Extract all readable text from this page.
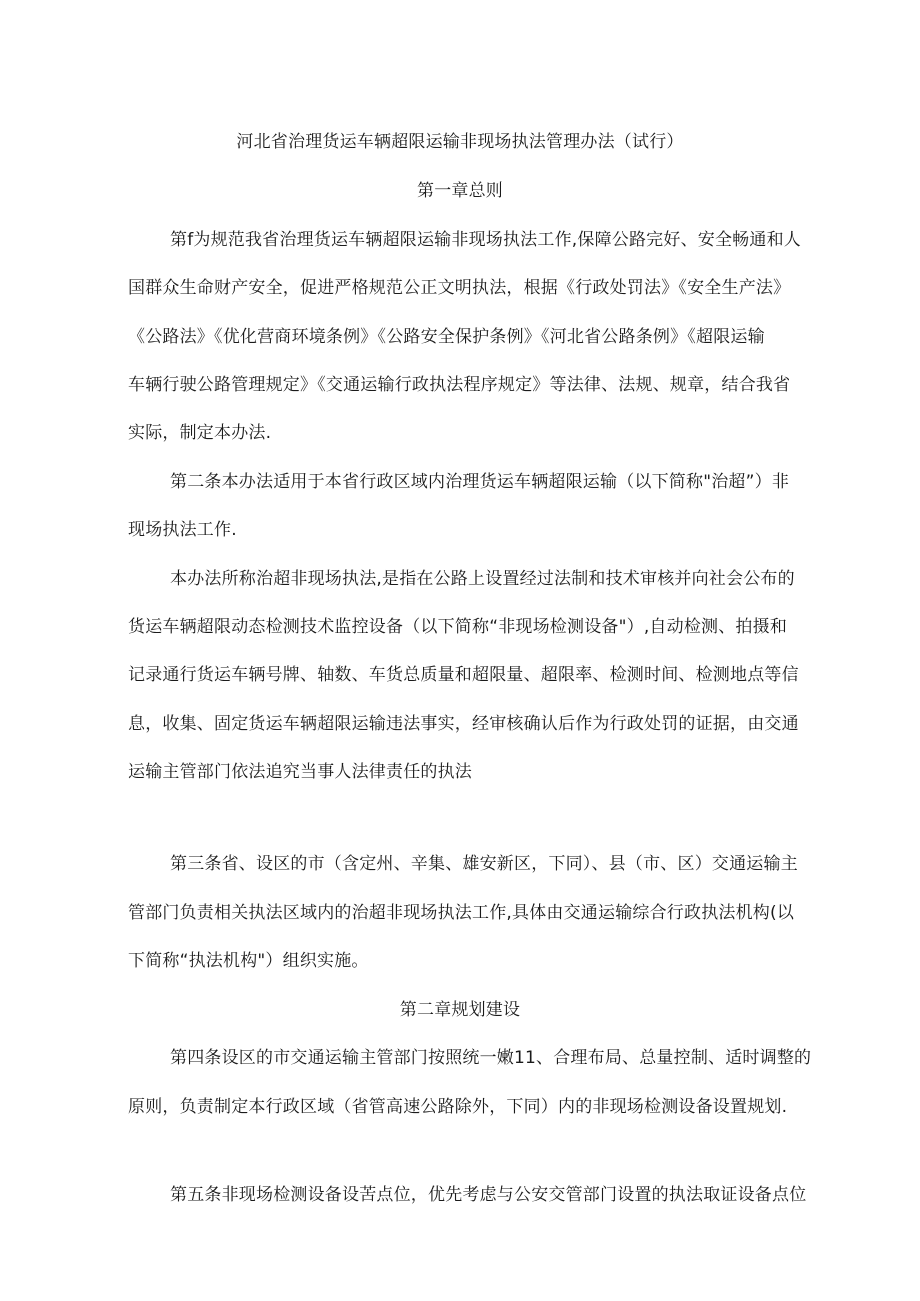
河北省治理货运车辆超限运输非现场执法管理办法（试行）
第一章总则
第f为规范我省治理货运车辆超限运输非现场执法工作,保障公路完好、安全畅通和人
国群众生命财产安全，促进严格规范公正文明执法，根据《行政处罚法》《安全生产法》
《公路法》《优化营商环境条例》《公路安全保护条例》《河北省公路条例》《超限运输
车辆行驶公路管理规定》《交通运输行政执法程序规定》等法律、法规、规章，结合我省
实际，制定本办法.
第二条本办法适用于本省行政区域内治理货运车辆超限运输（以下简称"治超”）非
现场执法工作.
本办法所称治超非现场执法,是指在公路上设置经过法制和技术审核并向社会公布的
货运车辆超限动态检测技术监控设备（以下简称“非现场检测设备"）,自动检测、拍摄和
记录通行货运车辆号牌、轴数、车货总质量和超限量、超限率、检测时间、检测地点等信
息，收集、固定货运车辆超限运输违法事实，经审核确认后作为行政处罚的证据，由交通
运输主管部门依法追究当事人法律责任的执法
第三条省、设区的市（含定州、辛集、雄安新区，下同）、县（市、区）交通运输主
管部门负责相关执法区域内的治超非现场执法工作,具体由交通运输综合行政执法机构(以
下简称“执法机构"）组织实施。
第二章规划建设
第四条设区的市交通运输主管部门按照统一嫩11、合理布局、总量控制、适时调整的
原则，负责制定本行政区域（省管高速公路除外，下同）内的非现场检测设备设置规划.
第五条非现场检测设备设苦点位，优先考虑与公安交管部门设置的执法取证设备点位
